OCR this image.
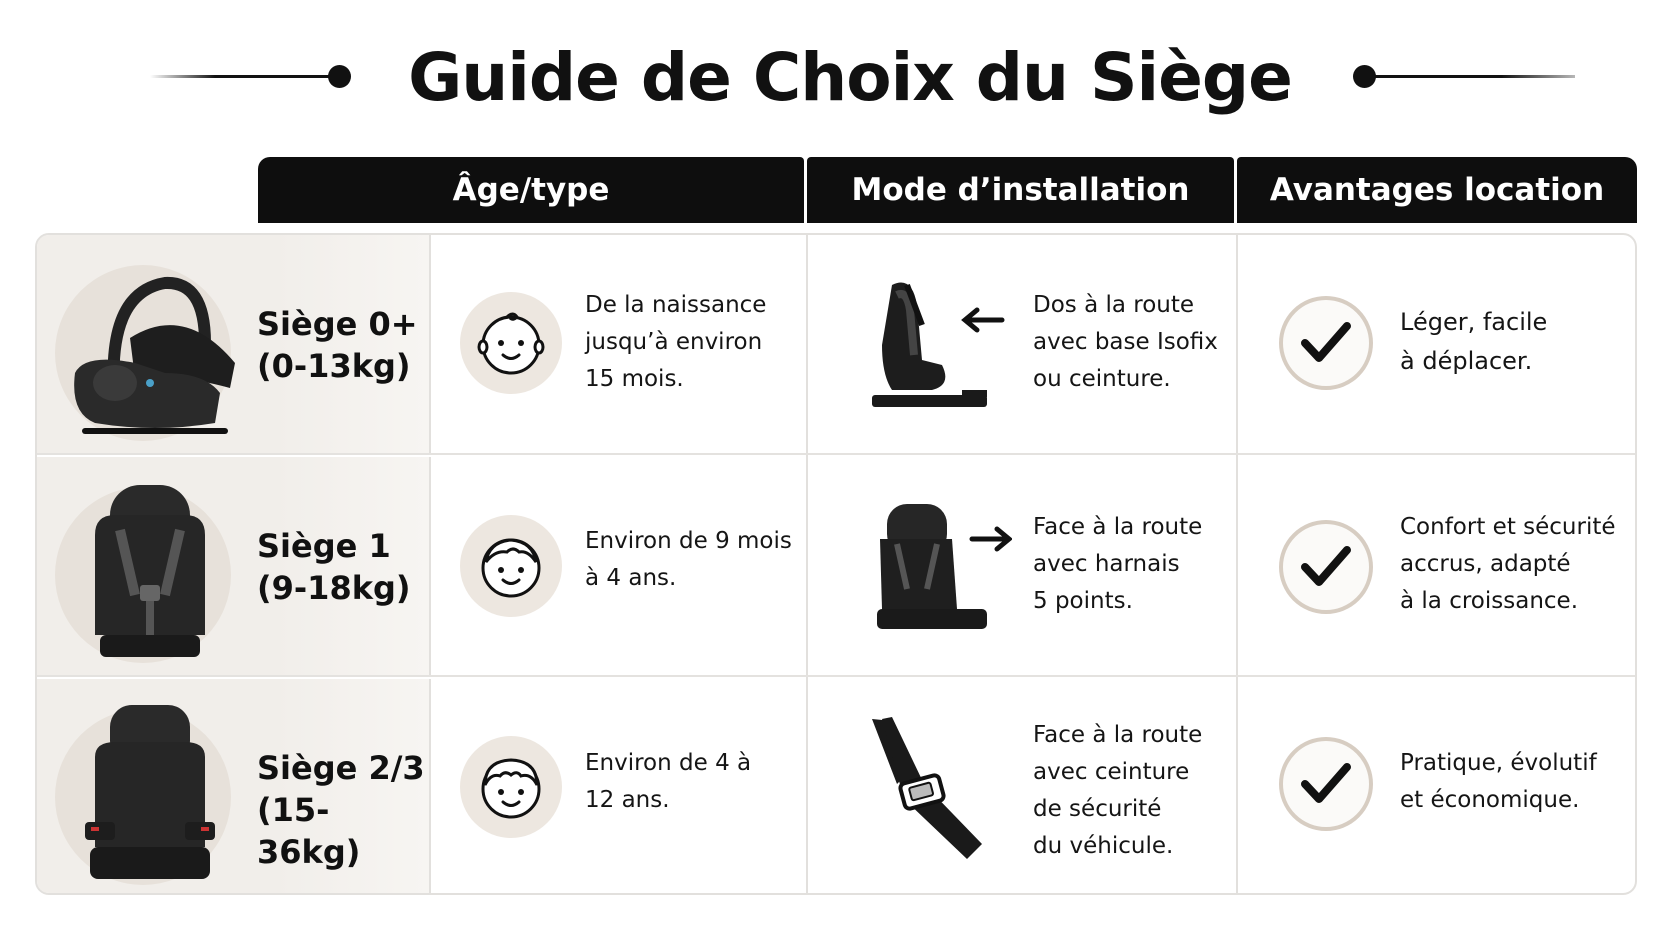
Guide de Choix du Siège
Âge/type	Mode d’installation	Avantages location
Siège 0+
(0-13kg)
De la naissance
jusqu’à environ
15 mois.
Dos à la route
avec base Isofix
ou ceinture.
Léger, facile
à déplacer.
Siège 1
(9-18kg)
Environ de 9 mois
à 4 ans.
Face à la route
avec harnais
5 points.
Confort et sécurité
accrus, adapté
à la croissance.
Siège 2/3
(15-36kg)
Environ de 4 à
12 ans.
Face à la route
avec ceinture
de sécurité
du véhicule.
Pratique, évolutif
et économique.
